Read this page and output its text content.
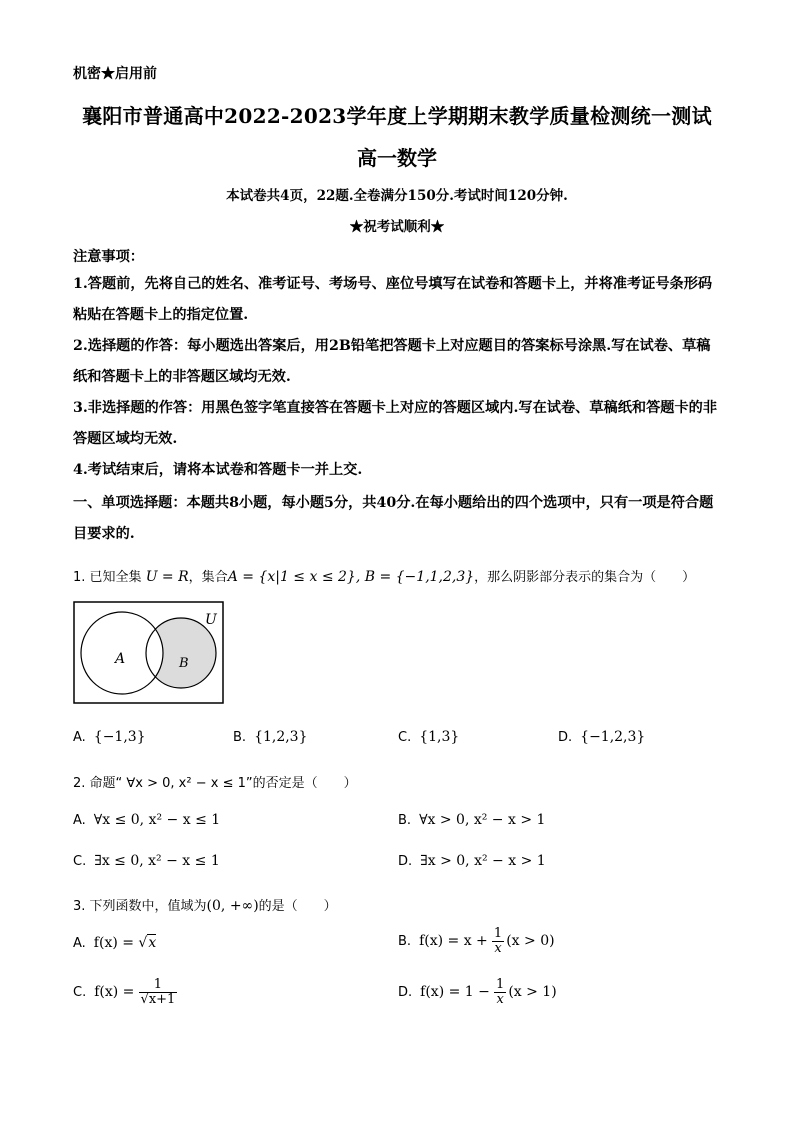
机密★启用前
襄阳市普通高中2022-2023学年度上学期期末教学质量检测统一测试
高一数学
本试卷共4页，22题.全卷满分150分.考试时间120分钟.
★祝考试顺利★
注意事项：
1.答题前，先将自己的姓名、准考证号、考场号、座位号填写在试卷和答题卡上，并将准考证号条形码粘贴在答题卡上的指定位置.
2.选择题的作答：每小题选出答案后，用2B铅笔把答题卡上对应题目的答案标号涂黑.写在试卷、草稿纸和答题卡上的非答题区域均无效.
3.非选择题的作答：用黑色签字笔直接答在答题卡上对应的答题区域内.写在试卷、草稿纸和答题卡的非答题区域均无效.
4.考试结束后，请将本试卷和答题卡一并上交.
一、单项选择题：本题共8小题，每小题5分，共40分.在每小题给出的四个选项中，只有一项是符合题目要求的.
1. 已知全集 U = R，集合A = {x|1 ≤ x ≤ 2}, B = {−1,1,2,3}，那么阴影部分表示的集合为（　　）
U
A	B
A. {−1,3}	B. {1,2,3}	C. {1,3}	D. {−1,2,3}
2. 命题“ ∀x > 0, x² − x ≤ 1”的否定是（　　）
A. ∀x ≤ 0, x² − x ≤ 1	B. ∀x > 0, x² − x > 1
C. ∃x ≤ 0, x² − x ≤ 1	D. ∃x > 0, x² − x > 1
3. 下列函数中，值域为(0, +∞)的是（　　）
A. f(x) = √x	B. $f(x) = x + \frac{1}{x} (x > 0)$
C. $f(x) = \frac{1}{√x+1}$	D. $f(x) = 1 - \frac{1}{x} (x > 1)$
